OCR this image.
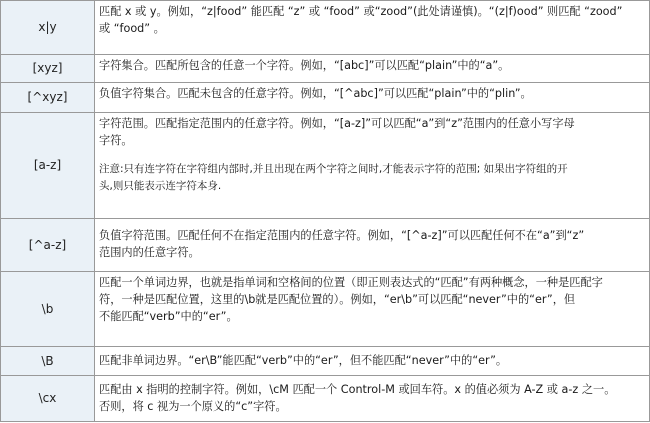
x|y	匹配 x 或 y。例如，“z|food” 能匹配 “z” 或 “food” 或“zood”(此处请谨慎)。“(z|f)ood” 则匹配 “zood”
或 “food” 。

[xyz]	字符集合。匹配所包含的任意一个字符。例如，“[abc]”可以匹配“plain”中的“a”。

[^xyz]	负值字符集合。匹配未包含的任意字符。例如，“[^abc]”可以匹配“plain”中的“plin”。

[a-z]	字符范围。匹配指定范围内的任意字符。例如，“[a-z]”可以匹配“a”到“z”范围内的任意小写字母
字符。
注意:只有连字符在字符组内部时,并且出现在两个字符之间时,才能表示字符的范围; 如果出字符组的开
头,则只能表示连字符本身.

[^a-z]	负值字符范围。匹配任何不在指定范围内的任意字符。例如，“[^a-z]”可以匹配任何不在“a”到“z”
范围内的任意字符。

\b	匹配一个单词边界，也就是指单词和空格间的位置（即正则表达式的“匹配”有两种概念，一种是匹配字
符，一种是匹配位置，这里的\b就是匹配位置的）。例如，“er\b”可以匹配“never”中的“er”，但
不能匹配“verb”中的“er”。

\B	匹配非单词边界。“er\B”能匹配“verb”中的“er”，但不能匹配“never”中的“er”。

\cx	匹配由 x 指明的控制字符。例如，\cM 匹配一个 Control-M 或回车符。x 的值必须为 A-Z 或 a-z 之一。
否则，将 c 视为一个原义的“c”字符。
